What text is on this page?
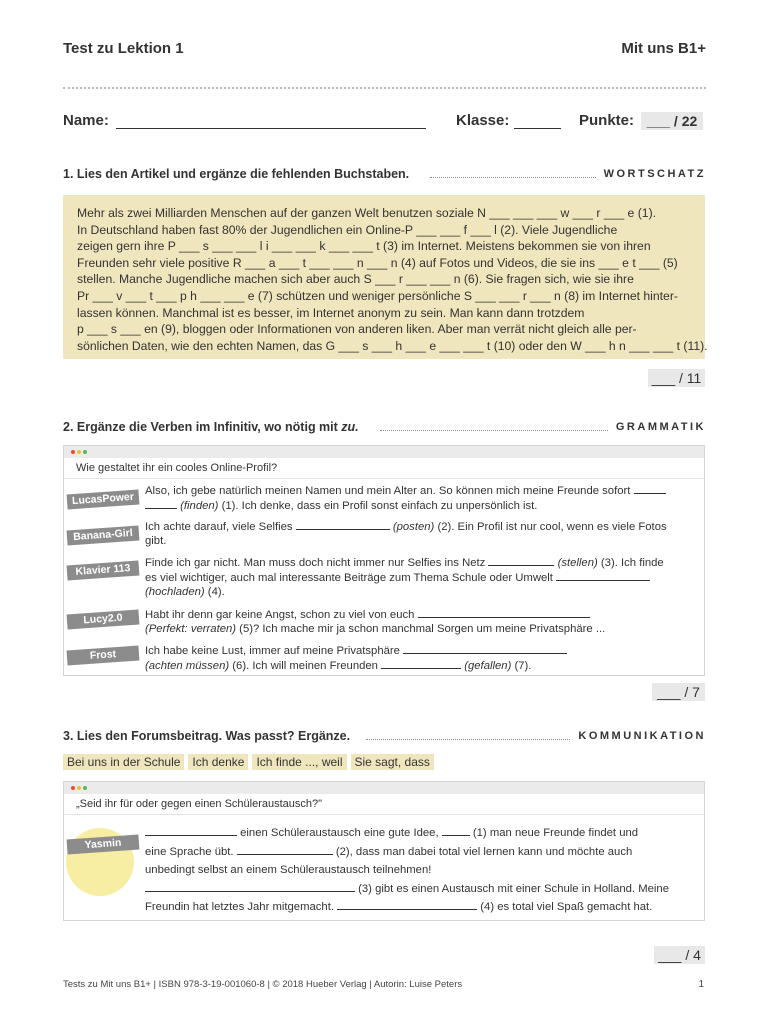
Test zu Lektion 1	Mit uns B1+
Name:	Klasse:	Punkte: ___ / 22
1. Lies den Artikel und ergänze die fehlenden Buchstaben.	WORTSCHATZ

Mehr als zwei Milliarden Menschen auf der ganzen Welt benutzen soziale N ___ ___ ___ w ___ r ___ e (1).

In Deutschland haben fast 80% der Jugendlichen ein Online-P ___ ___ f ___ l (2). Viele Jugendliche

zeigen gern ihre P ___ s ___ ___ l i ___ ___ k ___ ___ t (3) im Internet. Meistens bekommen sie von ihren

Freunden sehr viele positive R ___ a ___ t ___ ___ n ___ n (4) auf Fotos und Videos, die sie ins ___ e t ___ (5)

stellen. Manche Jugendliche machen sich aber auch S ___ r ___ ___ n (6). Sie fragen sich, wie sie ihre

Pr ___ v ___ t ___ p h ___ ___ e (7) schützen und weniger persönliche S ___ ___ r ___ n (8) im Internet hinter-

lassen können. Manchmal ist es besser, im Internet anonym zu sein. Man kann dann trotzdem

p ___ s ___ en (9), bloggen oder Informationen von anderen liken. Aber man verrät nicht gleich alle per-

sönlichen Daten, wie den echten Namen, das G ___ s ___ h ___ e ___ ___ t (10) oder den W ___ h n ___ ___ t (11).

___ / 11
2. Ergänze die Verben im Infinitiv, wo nötig mit zu.	GRAMMATIK
Wie gestaltet ihr ein cooles Online-Profil?
LucasPower Also, ich gebe natürlich meinen Namen und mein Alter an. So können mich meine Freunde sofort
(finden) (1). Ich denke, dass ein Profil sonst einfach zu unpersönlich ist.
Banana-Girl	Ich achte darauf, viele Selfies	(posten) (2). Ein Profil ist nur cool, wenn es viele Fotos
gibt.
Klavier 113	Finde ich gar nicht. Man muss doch nicht immer nur Selfies ins Netz	(stellen) (3). Ich finde
es viel wichtiger, auch mal interessante Beiträge zum Thema Schule oder Umwelt
(hochladen) (4).
Lucy2.0	Habt ihr denn gar keine Angst, schon zu viel von euch
(Perfekt: verraten) (5)? Ich mache mir ja schon manchmal Sorgen um meine Privatsphäre ...
Frost	Ich habe keine Lust, immer auf meine Privatsphäre
(achten müssen) (6). Ich will meinen Freunden	(gefallen) (7).
___ / 7
3. Lies den Forumsbeitrag. Was passt? Ergänze.	KOMMUNIKATION
Bei uns in der Schule	Ich denke	Ich finde ..., weil	Sie sagt, dass
„Seid ihr für oder gegen einen Schüleraustausch?"
Yasmin
einen Schüleraustausch eine gute Idee,	(1) man neue Freunde findet und
eine Sprache übt.	(2), dass man dabei total viel lernen kann und möchte auch
unbedingt selbst an einem Schüleraustausch teilnehmen!
(3) gibt es einen Austausch mit einer Schule in Holland. Meine
Freundin hat letztes Jahr mitgemacht.	(4) es total viel Spaß gemacht hat.
___ / 4
Tests zu Mit uns B1+ | ISBN 978-3-19-001060-8 | © 2018 Hueber Verlag | Autorin: Luise Peters	1
